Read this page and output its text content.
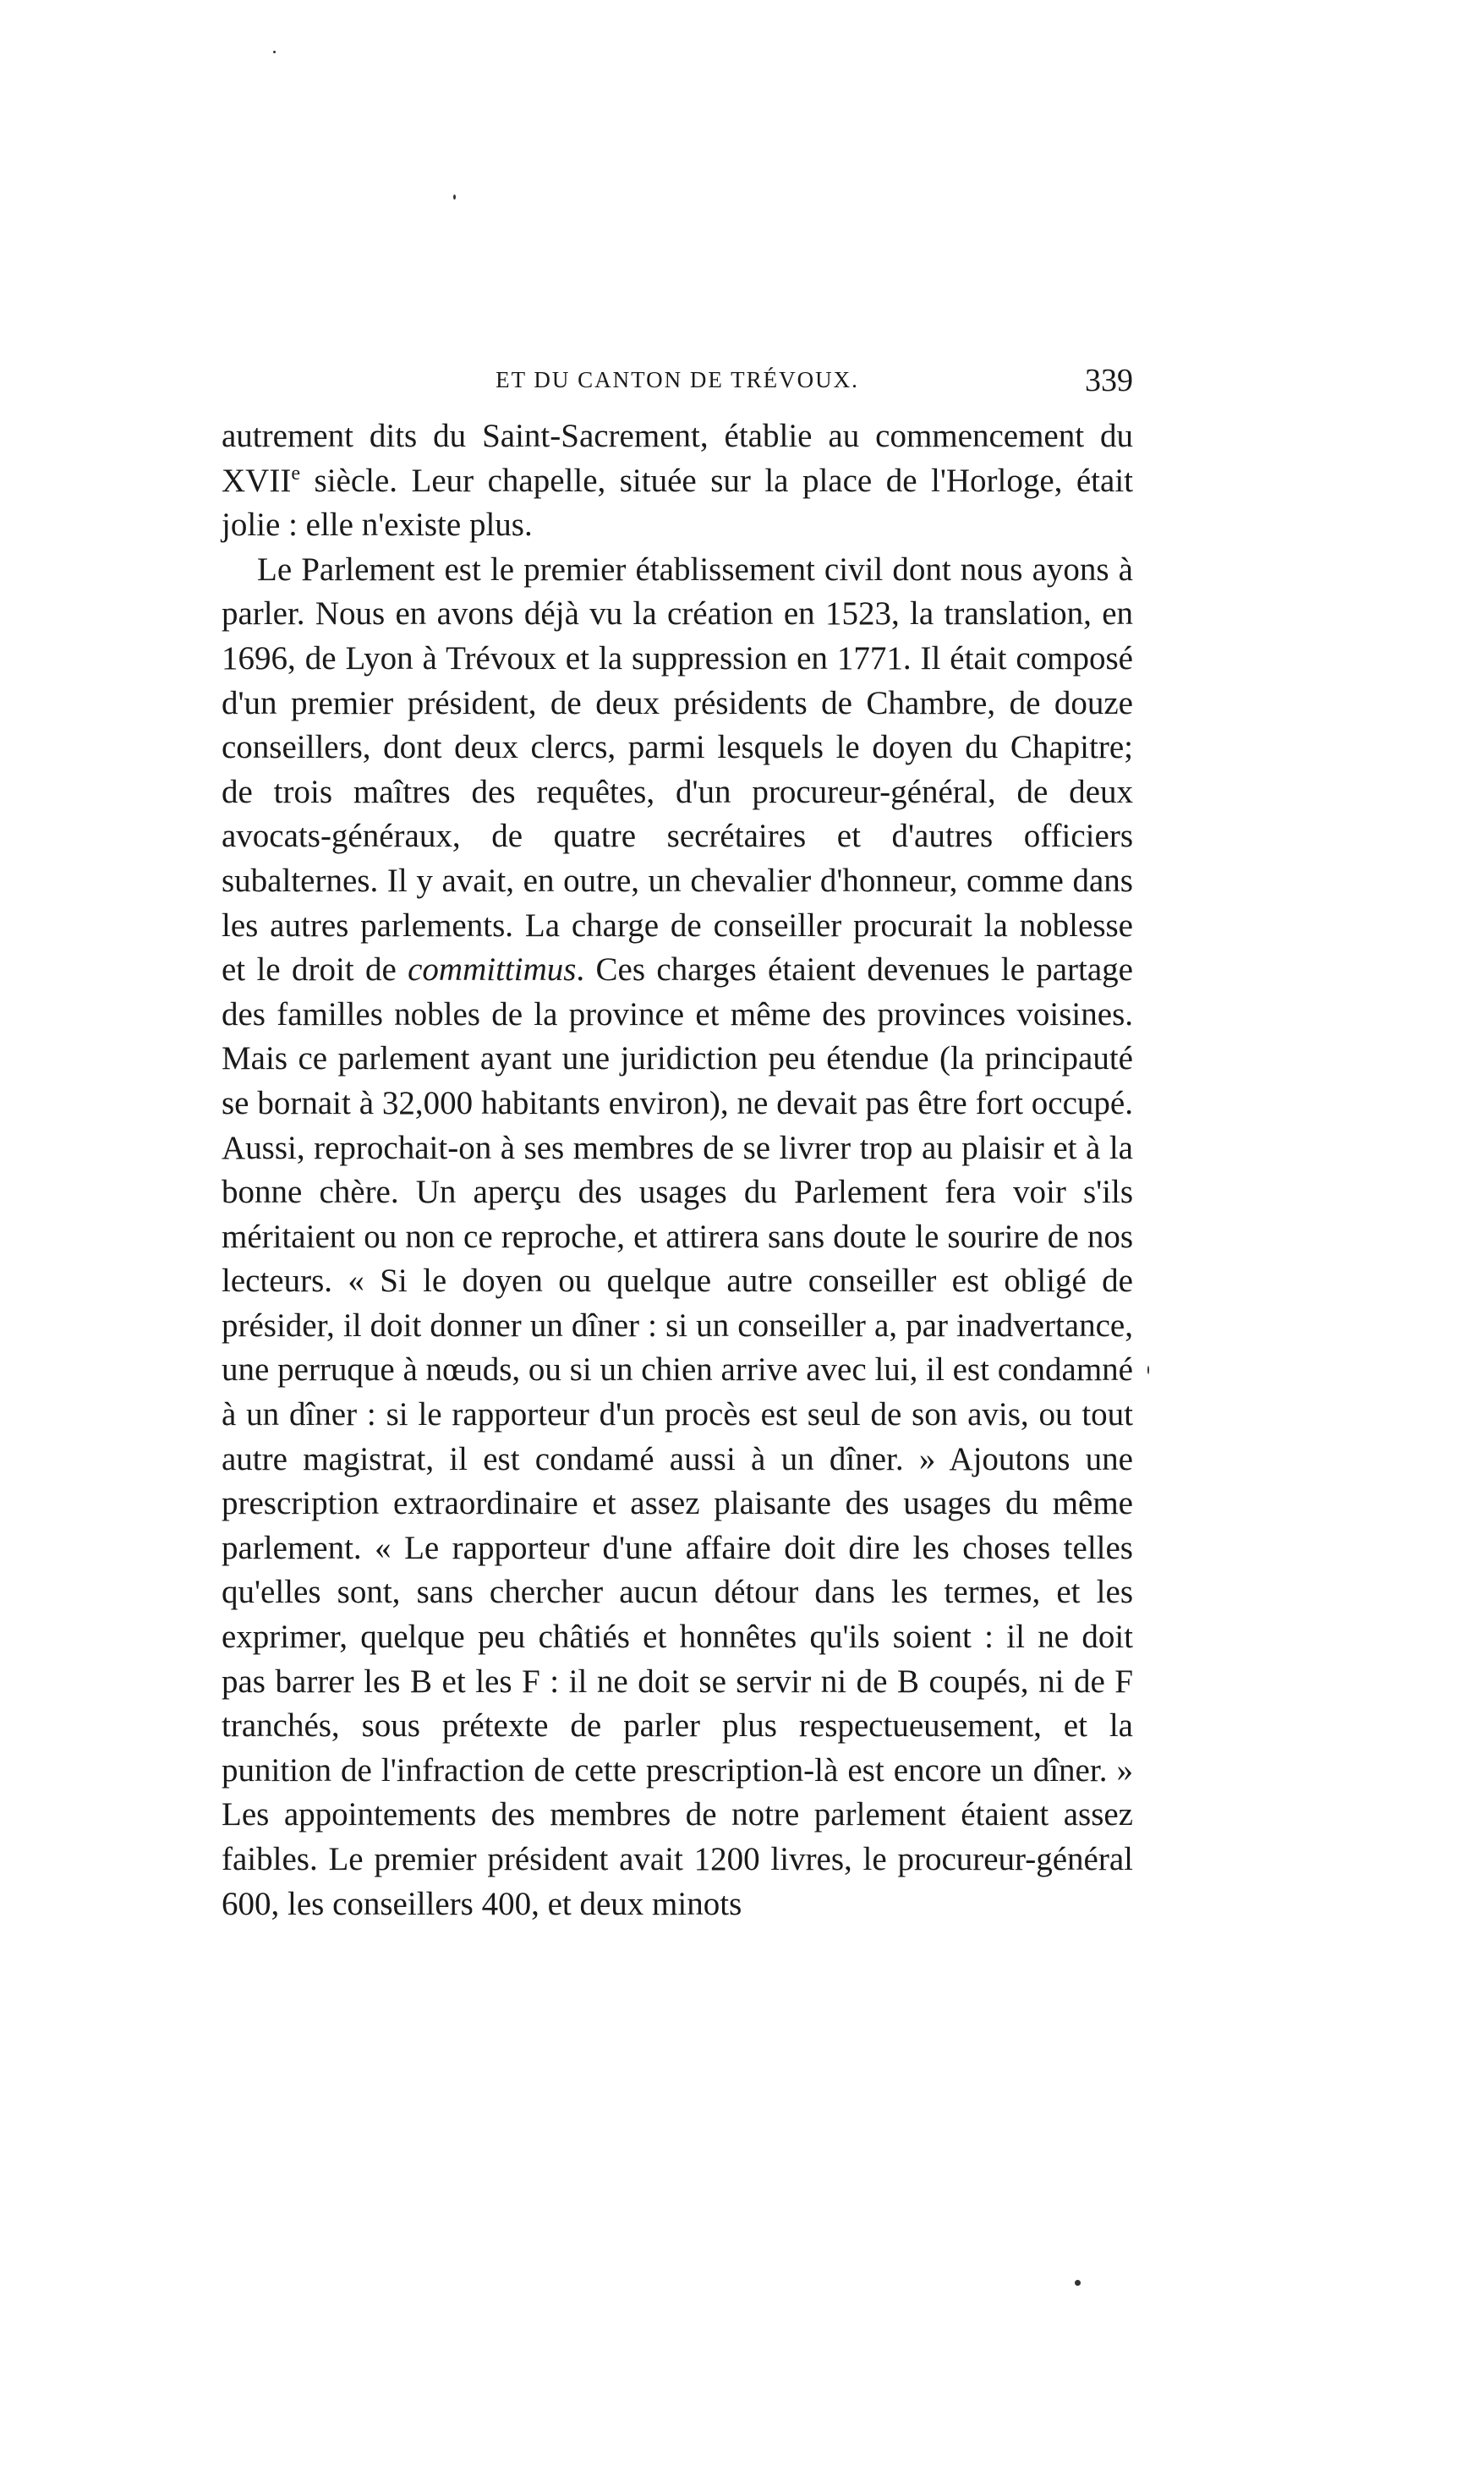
ET DU CANTON DE TRÉVOUX.	339

autrement dits du Saint-Sacrement, établie au commencement du XVIIe siècle. Leur chapelle, située sur la place de l'Horloge, était jolie : elle n'existe plus.

Le Parlement est le premier établissement civil dont nous ayons à parler. Nous en avons déjà vu la création en 1523, la translation, en 1696, de Lyon à Trévoux et la suppression en 1771. Il était composé d'un premier président, de deux présidents de Chambre, de douze conseillers, dont deux clercs, parmi lesquels le doyen du Chapitre; de trois maîtres des requêtes, d'un procureur-général, de deux avocats-généraux, de quatre secrétaires et d'autres officiers subalternes. Il y avait, en outre, un chevalier d'honneur, comme dans les autres parlements. La charge de conseiller procurait la noblesse et le droit de committimus. Ces charges étaient devenues le partage des familles nobles de la province et même des provinces voisines. Mais ce parlement ayant une juridiction peu étendue (la principauté se bornait à 32,000 habitants environ), ne devait pas être fort occupé. Aussi, reprochait-on à ses membres de se livrer trop au plaisir et à la bonne chère. Un aperçu des usages du Parlement fera voir s'ils méritaient ou non ce reproche, et attirera sans doute le sourire de nos lecteurs. « Si le doyen ou quelque autre conseiller est obligé de présider, il doit donner un dîner : si un conseiller a, par inadvertance, une perruque à nœuds, ou si un chien arrive avec lui, il est condamné à un dîner : si le rapporteur d'un procès est seul de son avis, ou tout autre magistrat, il est condamé aussi à un dîner. » Ajoutons une prescription extraordinaire et assez plaisante des usages du même parlement. « Le rapporteur d'une affaire doit dire les choses telles qu'elles sont, sans chercher aucun détour dans les termes, et les exprimer, quelque peu châtiés et honnêtes qu'ils soient : il ne doit pas barrer les B et les F : il ne doit se servir ni de B coupés, ni de F tranchés, sous prétexte de parler plus respectueusement, et la punition de l'infraction de cette prescription-là est encore un dîner. » Les appointements des membres de notre parlement étaient assez faibles. Le premier président avait 1200 livres, le procureur-général 600, les conseillers 400, et deux minots
